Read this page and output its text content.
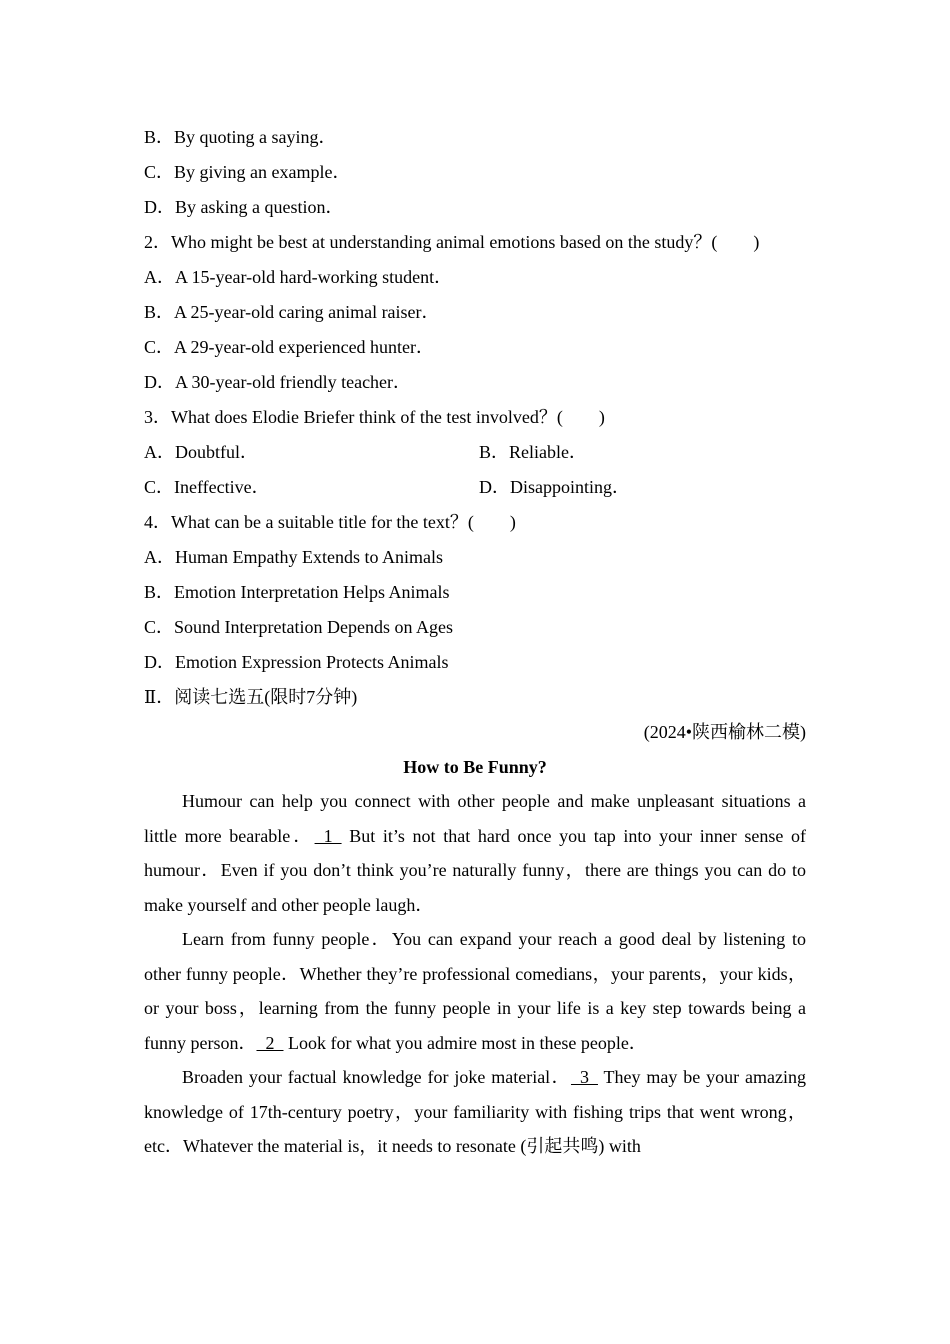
B．By quoting a saying．
C．By giving an example．
D．By asking a question．
2．Who might be best at understanding animal emotions based on the study？(　　)
A．A 15-year-old hard-working student．
B．A 25-year-old caring animal raiser．
C．A 29-year-old experienced hunter．
D．A 30-year-old friendly teacher．
3．What does Elodie Briefer think of the test involved？(　　)
A．Doubtful．	B．Reliable．
C．Ineffective．	D．Disappointing．
4．What can be a suitable title for the text？(　　)
A．Human Empathy Extends to Animals
B．Emotion Interpretation Helps Animals
C．Sound Interpretation Depends on Ages
D．Emotion Expression Protects Animals
Ⅱ．阅读七选五(限时7分钟)
(2024•陕西榆林二模)
How to Be Funny?

Humour can help you connect with other people and make unpleasant situations a little more bearable．  1   But it’s not that hard once you tap into your inner sense of humour．Even if you don’t think you’re naturally funny，there are things you can do to make yourself and other people laugh．

Learn from funny people．You can expand your reach a good deal by listening to other funny people．Whether they’re professional comedians，your parents，your kids，or your boss，learning from the funny people in your life is a key step towards being a funny person．  2   Look for what you admire most in these people．

Broaden your factual knowledge for joke material．  3   They may be your amazing knowledge of 17th-century poetry，your familiarity with fishing trips that went wrong，etc．Whatever the material is，it needs to resonate (引起共鸣) with
